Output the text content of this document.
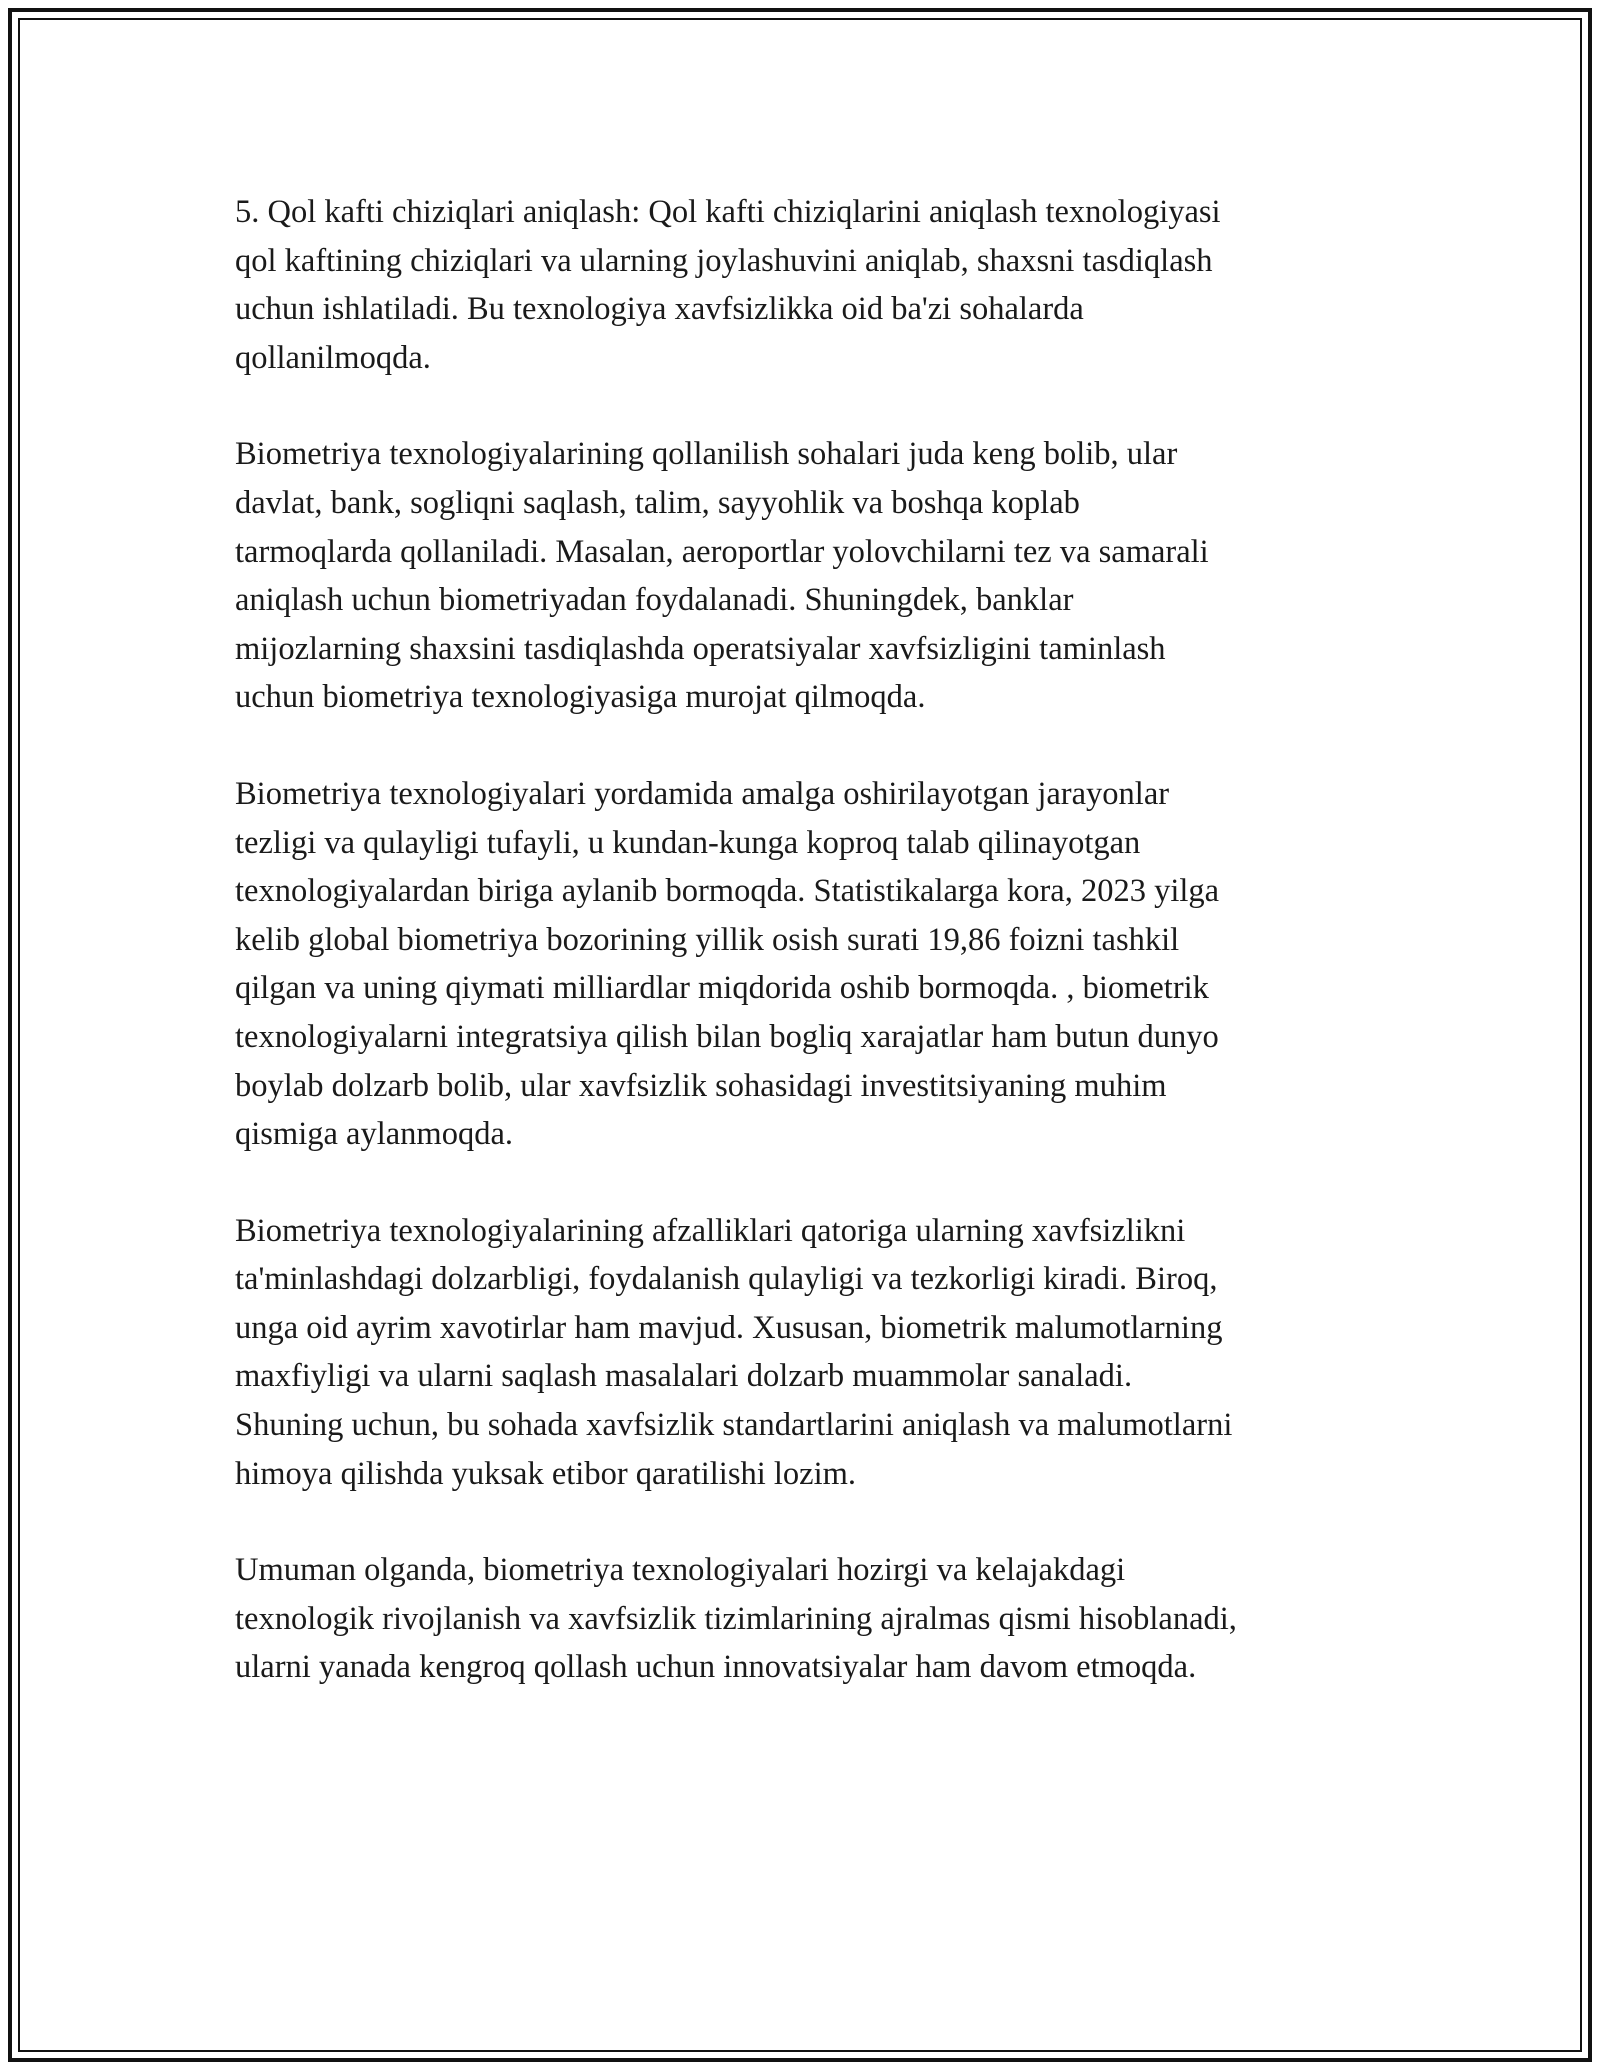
5. Qol kafti chiziqlari aniqlash: Qol kafti chiziqlarini aniqlash texnologiyasi
qol kaftining chiziqlari va ularning joylashuvini aniqlab, shaxsni tasdiqlash
uchun ishlatiladi. Bu texnologiya xavfsizlikka oid ba'zi sohalarda
qollanilmoqda.

Biometriya texnologiyalarining qollanilish sohalari juda keng bolib, ular
davlat, bank, sogliqni saqlash, talim, sayyohlik va boshqa koplab
tarmoqlarda qollaniladi. Masalan, aeroportlar yolovchilarni tez va samarali
aniqlash uchun biometriyadan foydalanadi. Shuningdek, banklar
mijozlarning shaxsini tasdiqlashda operatsiyalar xavfsizligini taminlash
uchun biometriya texnologiyasiga murojat qilmoqda.

Biometriya texnologiyalari yordamida amalga oshirilayotgan jarayonlar
tezligi va qulayligi tufayli, u kundan-kunga koproq talab qilinayotgan
texnologiyalardan biriga aylanib bormoqda. Statistikalarga kora, 2023 yilga
kelib global biometriya bozorining yillik osish surati 19,86 foizni tashkil
qilgan va uning qiymati milliardlar miqdorida oshib bormoqda. , biometrik
texnologiyalarni integratsiya qilish bilan bogliq xarajatlar ham butun dunyo
boylab dolzarb bolib, ular xavfsizlik sohasidagi investitsiyaning muhim
qismiga aylanmoqda.

Biometriya texnologiyalarining afzalliklari qatoriga ularning xavfsizlikni
ta'minlashdagi dolzarbligi, foydalanish qulayligi va tezkorligi kiradi. Biroq,
unga oid ayrim xavotirlar ham mavjud. Xususan, biometrik malumotlarning
maxfiyligi va ularni saqlash masalalari dolzarb muammolar sanaladi.
Shuning uchun, bu sohada xavfsizlik standartlarini aniqlash va malumotlarni
himoya qilishda yuksak etibor qaratilishi lozim.

Umuman olganda, biometriya texnologiyalari hozirgi va kelajakdagi
texnologik rivojlanish va xavfsizlik tizimlarining ajralmas qismi hisoblanadi,
ularni yanada kengroq qollash uchun innovatsiyalar ham davom etmoqda.
